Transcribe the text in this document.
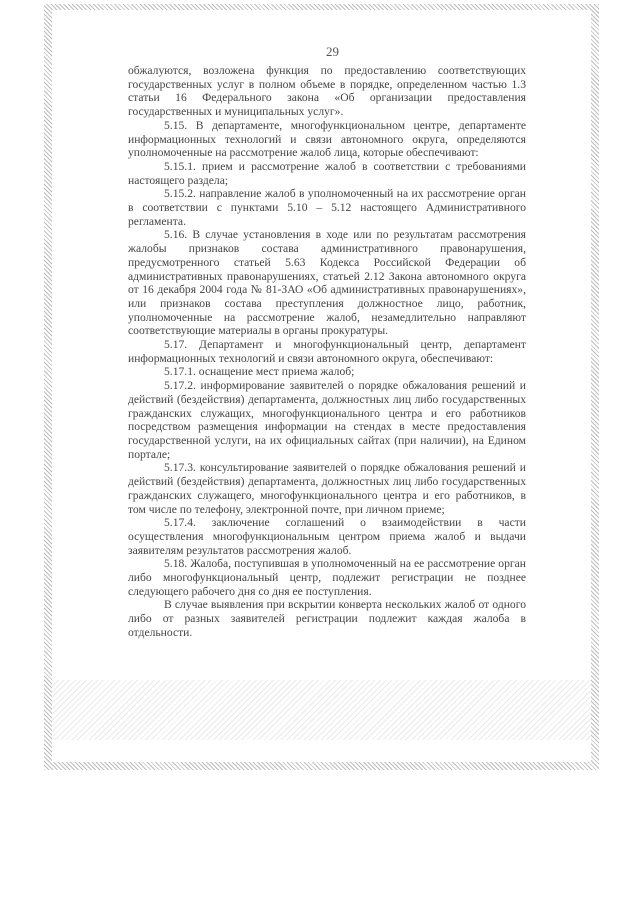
29

обжалуются, возложена функция по предоставлению соответствующих государственных услуг в полном объеме в порядке, определенном частью 1.3 статьи 16 Федерального закона «Об организации предоставления государственных и муниципальных услуг».

5.15. В департаменте, многофункциональном центре, департаменте информационных технологий и связи автономного округа, определяются уполномоченные на рассмотрение жалоб лица, которые обеспечивают:

5.15.1. прием и рассмотрение жалоб в соответствии с требованиями настоящего раздела;

5.15.2. направление жалоб в уполномоченный на их рассмотрение орган в соответствии с пунктами 5.10 – 5.12 настоящего Административного регламента.

5.16. В случае установления в ходе или по результатам рассмотрения жалобы признаков состава административного правонарушения, предусмотренного статьей 5.63 Кодекса Российской Федерации об административных правонарушениях, статьей 2.12 Закона автономного округа от 16 декабря 2004 года № 81-ЗАО «Об административных правонарушениях», или признаков состава преступления должностное лицо, работник, уполномоченные на рассмотрение жалоб, незамедлительно направляют соответствующие материалы в органы прокуратуры.

5.17. Департамент и многофункциональный центр, департамент информационных технологий и связи автономного округа, обеспечивают:

5.17.1. оснащение мест приема жалоб;

5.17.2. информирование заявителей о порядке обжалования решений и действий (бездействия) департамента, должностных лиц либо государственных гражданских служащих, многофункционального центра и его работников посредством размещения информации на стендах в месте предоставления государственной услуги, на их официальных сайтах (при наличии), на Едином портале;

5.17.3. консультирование заявителей о порядке обжалования решений и действий (бездействия) департамента, должностных лиц либо государственных гражданских служащего, многофункционального центра и его работников, в том числе по телефону, электронной почте, при личном приеме;

5.17.4. заключение соглашений о взаимодействии в части осуществления многофункциональным центром приема жалоб и выдачи заявителям результатов рассмотрения жалоб.

5.18. Жалоба, поступившая в уполномоченный на ее рассмотрение орган либо многофункциональный центр, подлежит регистрации не позднее следующего рабочего дня со дня ее поступления.

В случае выявления при вскрытии конверта нескольких жалоб от одного либо от разных заявителей регистрации подлежит каждая жалоба в отдельности.
